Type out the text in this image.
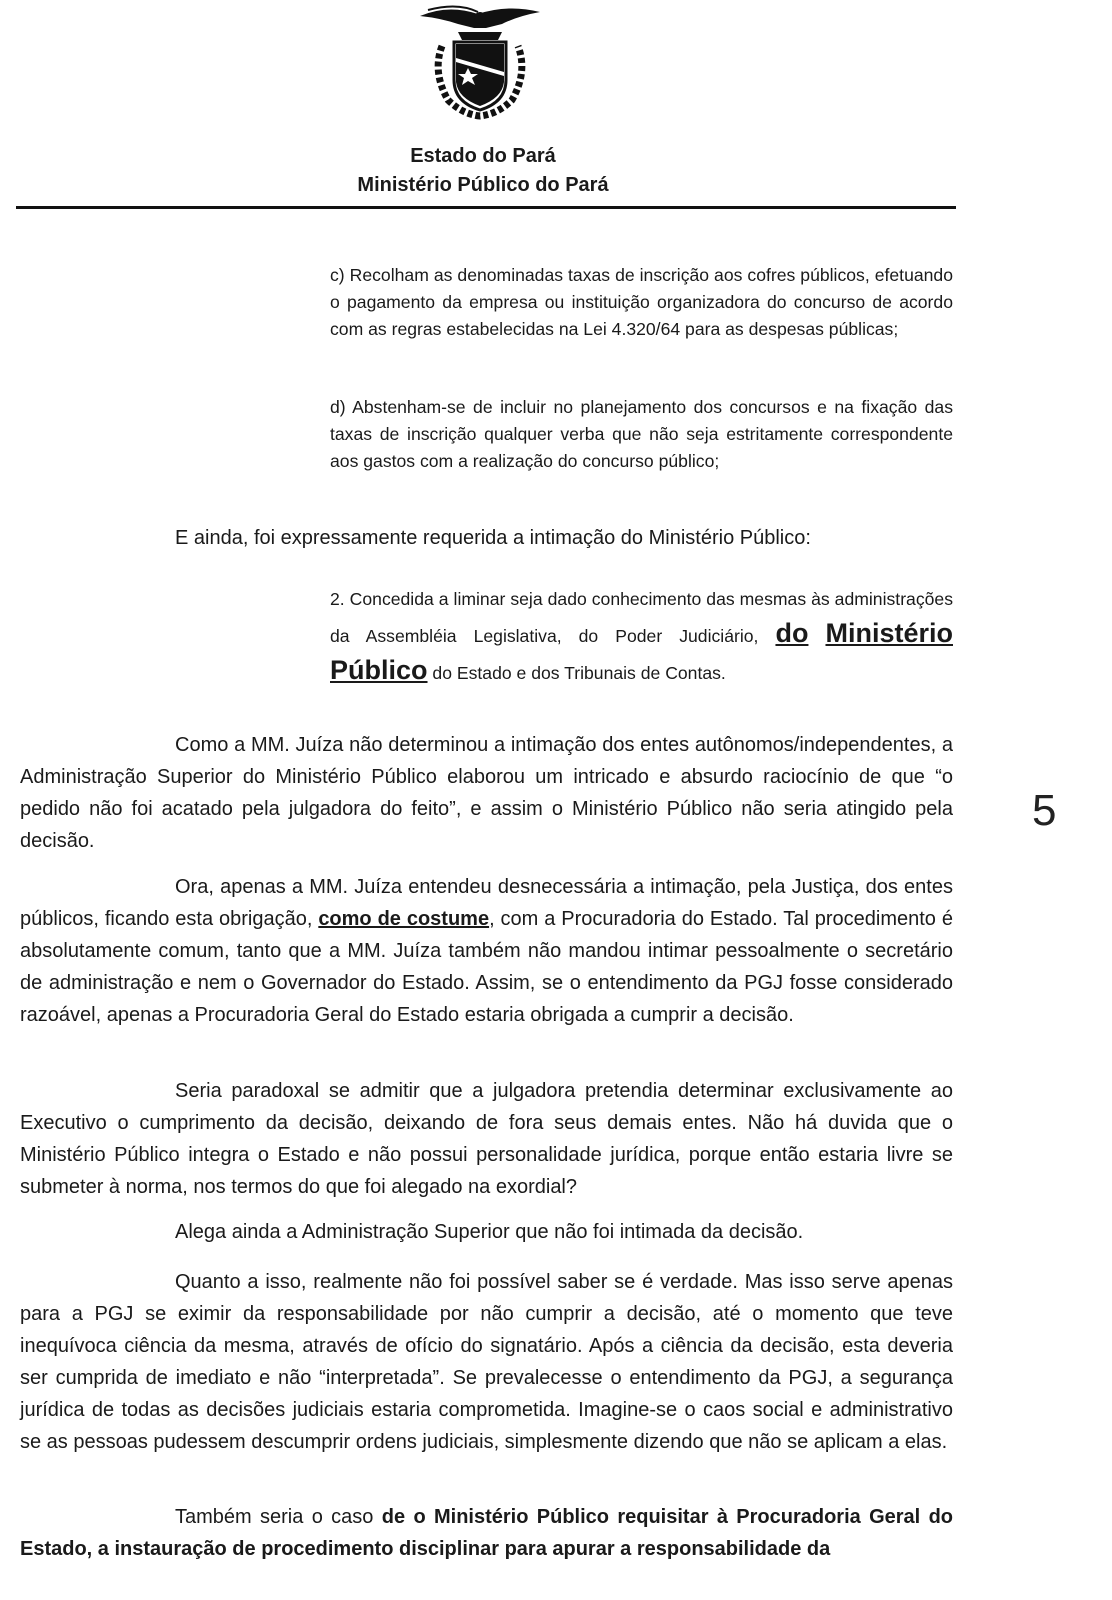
Estado do Pará
Ministério Público do Pará

c) Recolham as denominadas taxas de inscrição aos cofres públicos, efetuando o pagamento da empresa ou instituição organizadora do concurso de acordo com as regras estabelecidas na Lei 4.320/64 para as despesas públicas;

d) Abstenham-se de incluir no planejamento dos concursos e na fixação das taxas de inscrição qualquer verba que não seja estritamente correspondente aos gastos com a realização do concurso público;

E ainda, foi expressamente requerida a intimação do Ministério Público:

2. Concedida a liminar seja dado conhecimento das mesmas às administrações da Assembléia Legislativa, do Poder Judiciário, do Ministério Público do Estado e dos Tribunais de Contas.

5

Como a MM. Juíza não determinou a intimação dos entes autônomos/independentes, a Administração Superior do Ministério Público elaborou um intricado e absurdo raciocínio de que “o pedido não foi acatado pela julgadora do feito”, e assim o Ministério Público não seria atingido pela decisão.

Ora, apenas a MM. Juíza entendeu desnecessária a intimação, pela Justiça, dos entes públicos, ficando esta obrigação, como de costume, com a Procuradoria do Estado. Tal procedimento é absolutamente comum, tanto que a MM. Juíza também não mandou intimar pessoalmente o secretário de administração e nem o Governador do Estado. Assim, se o entendimento da PGJ fosse considerado razoável, apenas a Procuradoria Geral do Estado estaria obrigada a cumprir a decisão.

Seria paradoxal se admitir que a julgadora pretendia determinar exclusivamente ao Executivo o cumprimento da decisão, deixando de fora seus demais entes. Não há duvida que o Ministério Público integra o Estado e não possui personalidade jurídica, porque então estaria livre se submeter à norma, nos termos do que foi alegado na exordial?

Alega ainda a Administração Superior que não foi intimada da decisão.

Quanto a isso, realmente não foi possível saber se é verdade. Mas isso serve apenas para a PGJ se eximir da responsabilidade por não cumprir a decisão, até o momento que teve inequívoca ciência da mesma, através de ofício do signatário. Após a ciência da decisão, esta deveria ser cumprida de imediato e não “interpretada”. Se prevalecesse o entendimento da PGJ, a segurança jurídica de todas as decisões judiciais estaria comprometida. Imagine-se o caos social e administrativo se as pessoas pudessem descumprir ordens judiciais, simplesmente dizendo que não se aplicam a elas.

Também seria o caso de o Ministério Público requisitar à Procuradoria Geral do Estado, a instauração de procedimento disciplinar para apurar a responsabilidade da
